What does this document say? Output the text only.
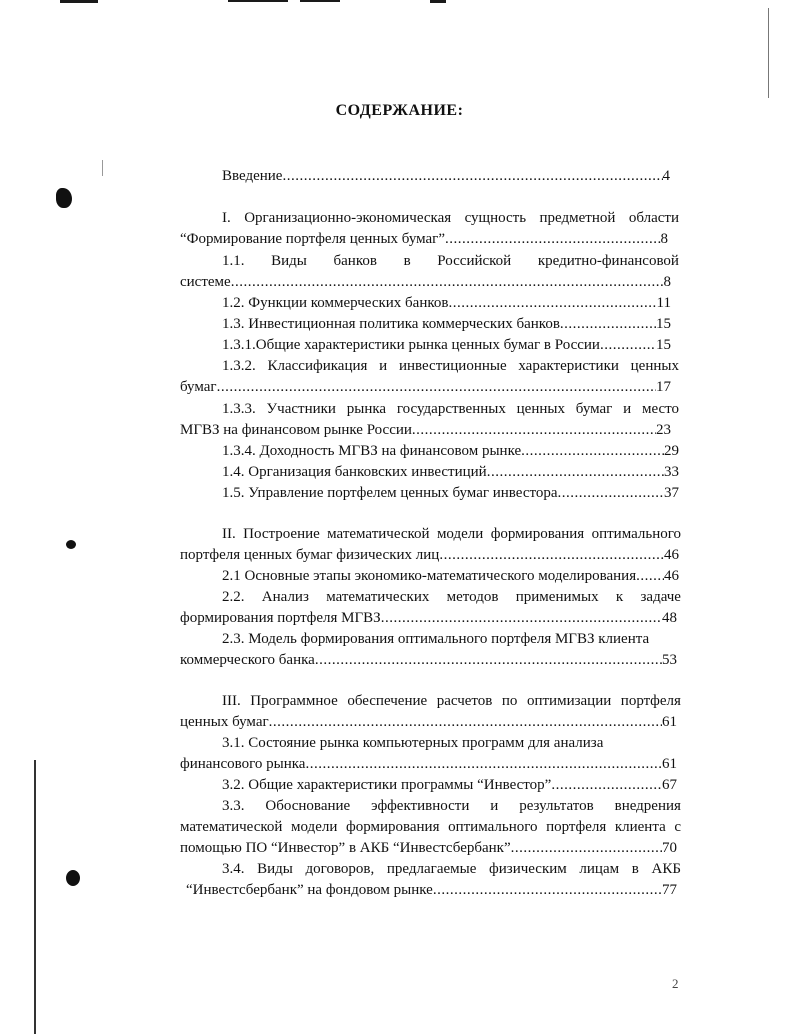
СОДЕРЖАНИЕ:
Введение .....	4
I. Организационно-экономическая сущность предметной области
“Формирование портфеля ценных бумаг” .....	8
1.1. Виды банков в Российской кредитно-финансовой
системе .....	8
1.2. Функции коммерческих банков .....	11
1.3. Инвестиционная политика коммерческих банков .....	15
1.3.1.Общие характеристики рынка ценных бумаг в России .....	15
1.3.2. Классификация и инвестиционные характеристики ценных
бумаг .....	17
1.3.3. Участники рынка государственных ценных бумаг и место
МГВЗ на финансовом рынке России .....	23
1.3.4. Доходность МГВЗ на финансовом рынке .....	29
1.4. Организация банковских инвестиций .....	33
1.5. Управление портфелем ценных бумаг инвестора .....	37
II. Построение математической модели формирования оптимального
портфеля ценных бумаг физических лиц .....	46
2.1 Основные этапы экономико-математического моделирования ..... 46
2.2. Анализ математических методов применимых к задаче
формирования портфеля МГВЗ .....	48
2.3. Модель формирования оптимального портфеля МГВЗ клиента
коммерческого банка .....	53
III. Программное обеспечение расчетов по оптимизации портфеля
ценных бумаг .....	61
3.1. Состояние рынка компьютерных программ для анализа
финансового рынка .....	61
3.2. Общие характеристики программы “Инвестор” .....	67
3.3. Обоснование эффективности и результатов внедрения
математической модели формирования оптимального портфеля клиента с
помощью ПО “Инвестор” в АКБ “Инвестсбербанк” .....	70
3.4. Виды договоров, предлагаемые физическим лицам в АКБ
“Инвестсбербанк” на фондовом рынке .....	77
2
